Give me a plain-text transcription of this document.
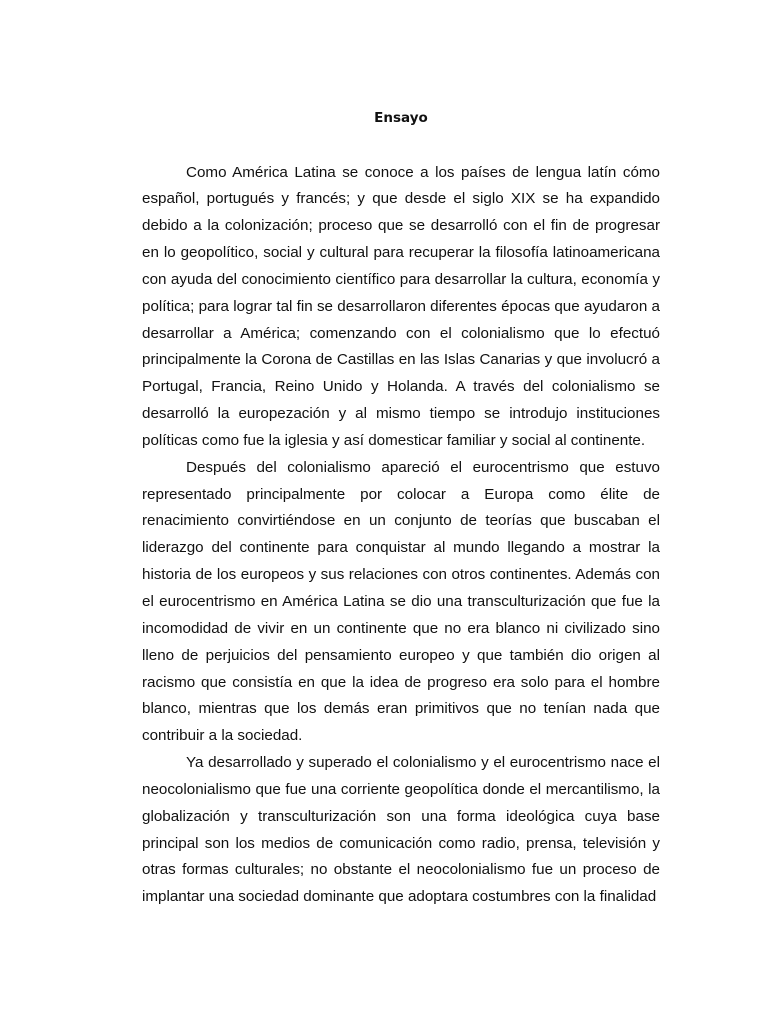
Ensayo

Como América Latina se conoce a los países de lengua latín cómo español, portugués y francés; y que desde el siglo XIX se ha expandido debido a la colonización; proceso que se desarrolló con el fin de progresar en lo geopolítico, social y cultural para recuperar la filosofía latinoamericana con ayuda del conocimiento científico para desarrollar la cultura, economía y política; para lograr tal fin se desarrollaron diferentes épocas que ayudaron a desarrollar a América; comenzando con el colonialismo que lo efectuó principalmente la Corona de Castillas en las Islas Canarias y que involucró a Portugal, Francia, Reino Unido y Holanda. A través del colonialismo se desarrolló la europezación y al mismo tiempo se introdujo instituciones políticas como fue la iglesia y así domesticar familiar y social al continente.

Después del colonialismo apareció el eurocentrismo que estuvo representado principalmente por colocar a Europa como élite de renacimiento convirtiéndose en un conjunto de teorías que buscaban el liderazgo del continente para conquistar al mundo llegando a mostrar la historia de los europeos y sus relaciones con otros continentes. Además con el eurocentrismo en América Latina se dio una transculturización que fue la incomodidad de vivir en un continente que no era blanco ni civilizado sino lleno de perjuicios del pensamiento europeo y que también dio origen al racismo que consistía en que la idea de progreso era solo para el hombre blanco, mientras que los demás eran primitivos que no tenían nada que contribuir a la sociedad.

Ya desarrollado y superado el colonialismo y el eurocentrismo nace el neocolonialismo que fue una corriente geopolítica donde el mercantilismo, la globalización y transculturización son una forma ideológica cuya base principal son los medios de comunicación como radio, prensa, televisión y otras formas culturales; no obstante el neocolonialismo fue un proceso de implantar una sociedad dominante que adoptara costumbres con la finalidad
